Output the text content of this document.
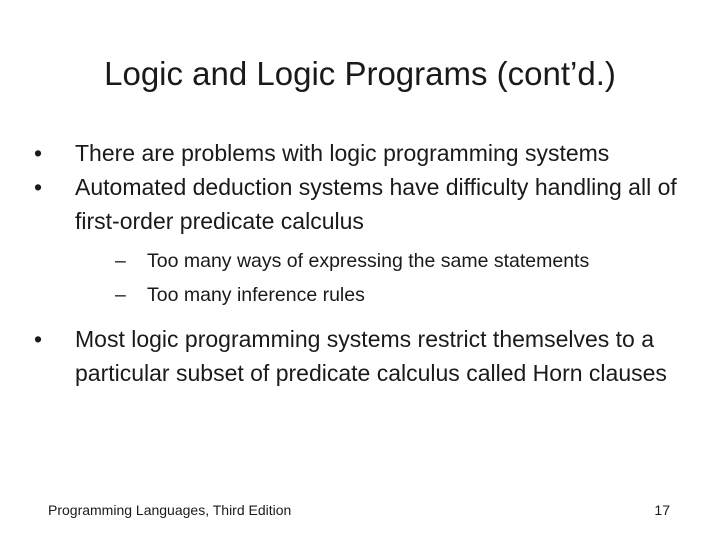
Logic and Logic Programs (cont’d.)
•	There are problems with logic programming systems
•	Automated deduction systems have difficulty handling all of first-order predicate calculus
–	Too many ways of expressing the same statements
–	Too many inference rules
•	Most logic programming systems restrict themselves to a particular subset of predicate calculus called Horn clauses
Programming Languages, Third Edition	17
